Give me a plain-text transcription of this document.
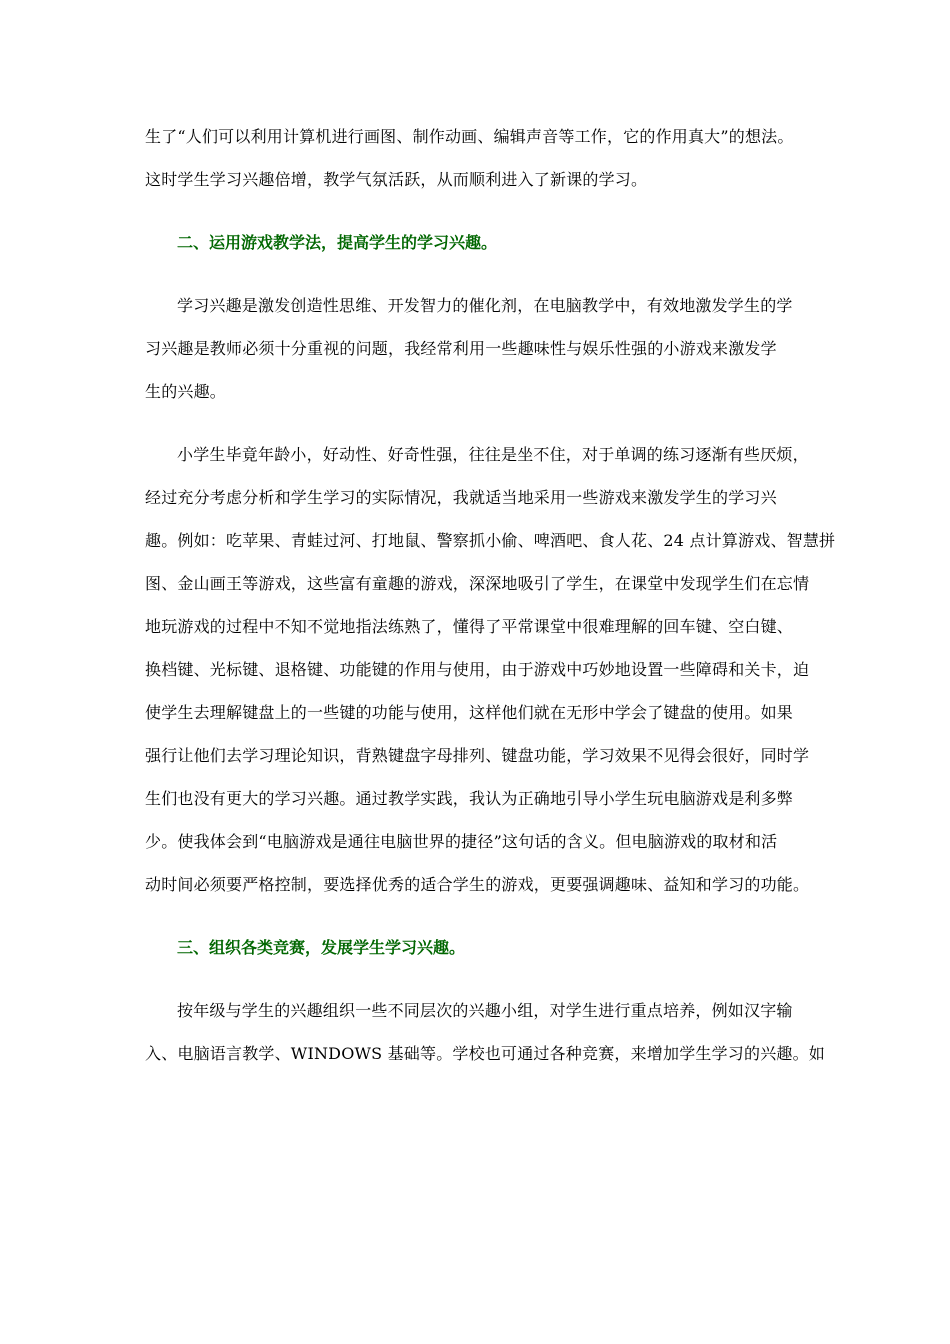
生了“人们可以利用计算机进行画图、制作动画、编辑声音等工作，它的作用真大”的想法。
这时学生学习兴趣倍增，教学气氛活跃，从而顺利进入了新课的学习。

二、运用游戏教学法，提高学生的学习兴趣。

学习兴趣是激发创造性思维、开发智力的催化剂，在电脑教学中，有效地激发学生的学
习兴趣是教师必须十分重视的问题，我经常利用一些趣味性与娱乐性强的小游戏来激发学
生的兴趣。

小学生毕竟年龄小，好动性、好奇性强，往往是坐不住，对于单调的练习逐渐有些厌烦，
经过充分考虑分析和学生学习的实际情况，我就适当地采用一些游戏来激发学生的学习兴
趣。例如：吃苹果、青蛙过河、打地鼠、警察抓小偷、啤酒吧、食人花、24 点计算游戏、智慧拼
图、金山画王等游戏，这些富有童趣的游戏，深深地吸引了学生，在课堂中发现学生们在忘情
地玩游戏的过程中不知不觉地指法练熟了，懂得了平常课堂中很难理解的回车键、空白键、
换档键、光标键、退格键、功能键的作用与使用，由于游戏中巧妙地设置一些障碍和关卡，迫
使学生去理解键盘上的一些键的功能与使用，这样他们就在无形中学会了键盘的使用。如果
强行让他们去学习理论知识，背熟键盘字母排列、键盘功能，学习效果不见得会很好，同时学
生们也没有更大的学习兴趣。通过教学实践，我认为正确地引导小学生玩电脑游戏是利多弊
少。使我体会到“电脑游戏是通往电脑世界的捷径”这句话的含义。但电脑游戏的取材和活
动时间必须要严格控制，要选择优秀的适合学生的游戏，更要强调趣味、益知和学习的功能。

三、组织各类竞赛，发展学生学习兴趣。

按年级与学生的兴趣组织一些不同层次的兴趣小组，对学生进行重点培养，例如汉字输
入、电脑语言教学、WINDOWS 基础等。学校也可通过各种竞赛，来增加学生学习的兴趣。如
